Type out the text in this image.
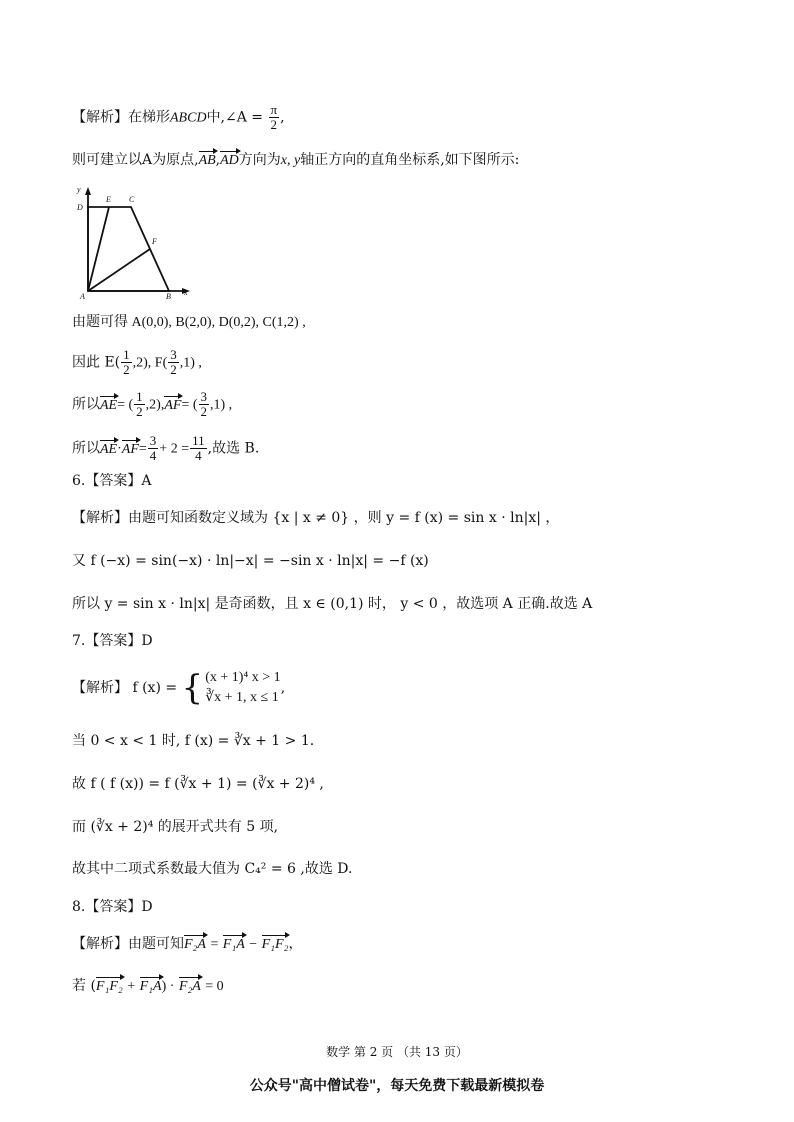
【解析】在梯形ABCD中,∠A = $\frac{\pi}{2}$ ,
则可建立以A为原点,AB,AD方向为x, y轴正方向的直角坐标系,如下图所示:
y
x
D
E C
F
A	B
由题可得 A(0,0), B(2,0), D(0,2), C(1,2) ,
因此 $E( \frac{1}{2} ,2)$, $F( \frac{3}{2} ,1)$ ,
所以AE= ( $\frac{1}{2} ,2),AF=$ ( $\frac{3}{2} ,1$) ,
所以$AE\cdot AF= \frac{3}{4} + 2 = \frac{11}{4}$ ,故选 B.
6.【答案】A
【解析】由题可知函数定义域为 {x | x ≠ 0} ，则 y = f (x) = sin x · ln|x| ，
又 f (−x) = sin(−x) · ln|−x| = −sin x · ln|x| = −f (x)
所以 y = sin x · ln|x| 是奇函数，且 x ∈ (0,1) 时， y < 0 ，故选项 A 正确.故选 A
7.【答案】D
【解析】 f (x) = { (x + 1)⁴ x > 1
∛x + 1, x ≤ 1
,
当 0 < x < 1 时, f (x) = ∛x + 1 > 1.
故 f ( f (x)) = f (∛x + 1) = (∛x + 2)⁴ ,
而 (∛x + 2)⁴ 的展开式共有 5 项,
故其中二项式系数最大值为 C₄² = 6 ,故选 D.
8.【答案】D
【解析】由题可知F₂A = F₁A − F₁F₂，
若 (F₁F₂ + F₁A) · F₂A = 0
数学 第 2 页 （共 13 页）
公众号"高中僧试卷"，每天免费下载最新模拟卷
